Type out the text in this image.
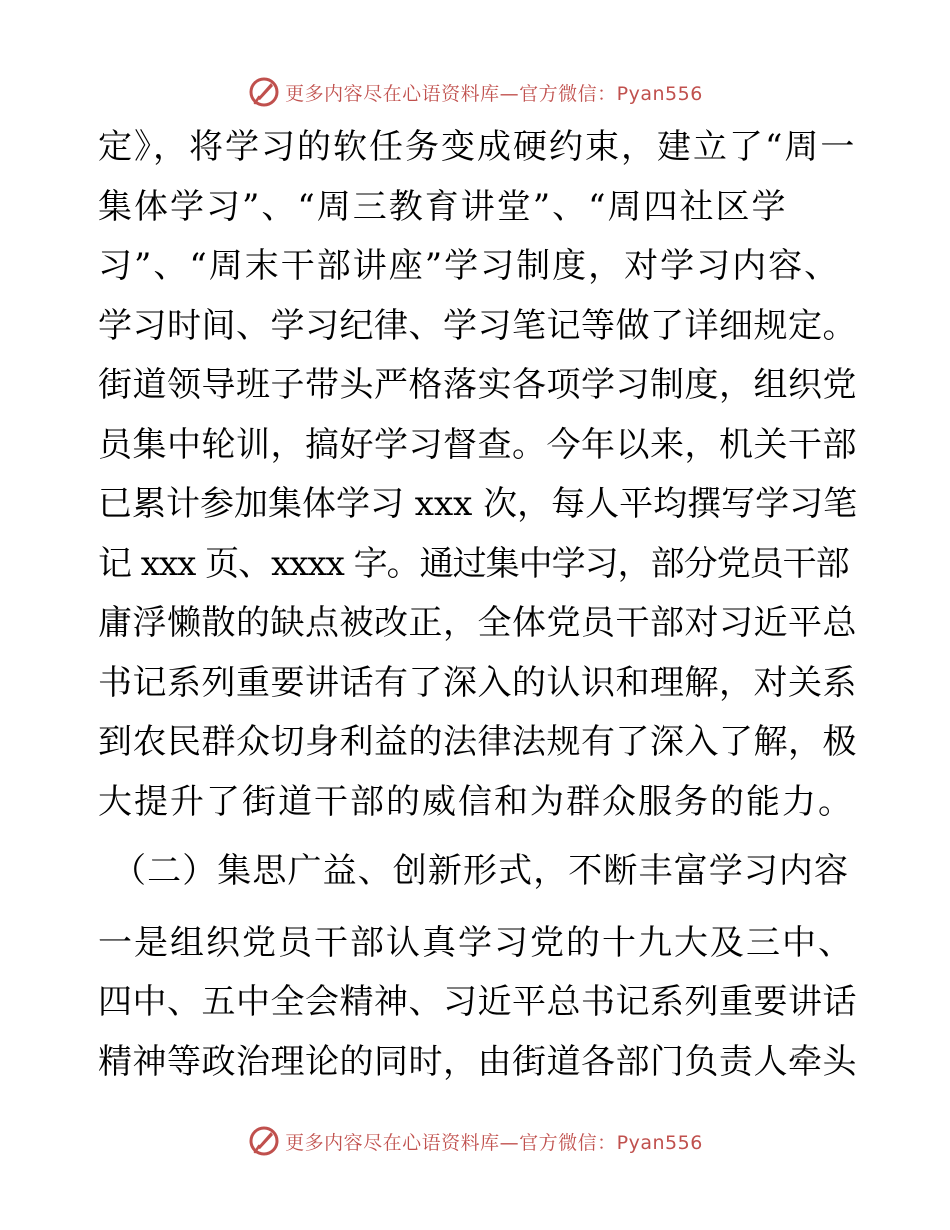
更多内容尽在心语资料库—官方微信：Pyan556
定》，将学习的软任务变成硬约束，建立了“周一
集体学习”、“周三教育讲堂”、“周四社区学
习”、“周末干部讲座”学习制度，对学习内容、
学习时间、学习纪律、学习笔记等做了详细规定。
街道领导班子带头严格落实各项学习制度，组织党
员集中轮训，搞好学习督查。今年以来，机关干部
已累计参加集体学习 xxx 次，每人平均撰写学习笔
记 xxx 页、xxxx 字。通过集中学习，部分党员干部
庸浮懒散的缺点被改正，全体党员干部对习近平总
书记系列重要讲话有了深入的认识和理解，对关系
到农民群众切身利益的法律法规有了深入了解，极
大提升了街道干部的威信和为群众服务的能力。
（二）集思广益、创新形式，不断丰富学习内容
一是组织党员干部认真学习党的十九大及三中、
四中、五中全会精神、习近平总书记系列重要讲话
精神等政治理论的同时，由街道各部门负责人牵头
更多内容尽在心语资料库—官方微信：Pyan556
